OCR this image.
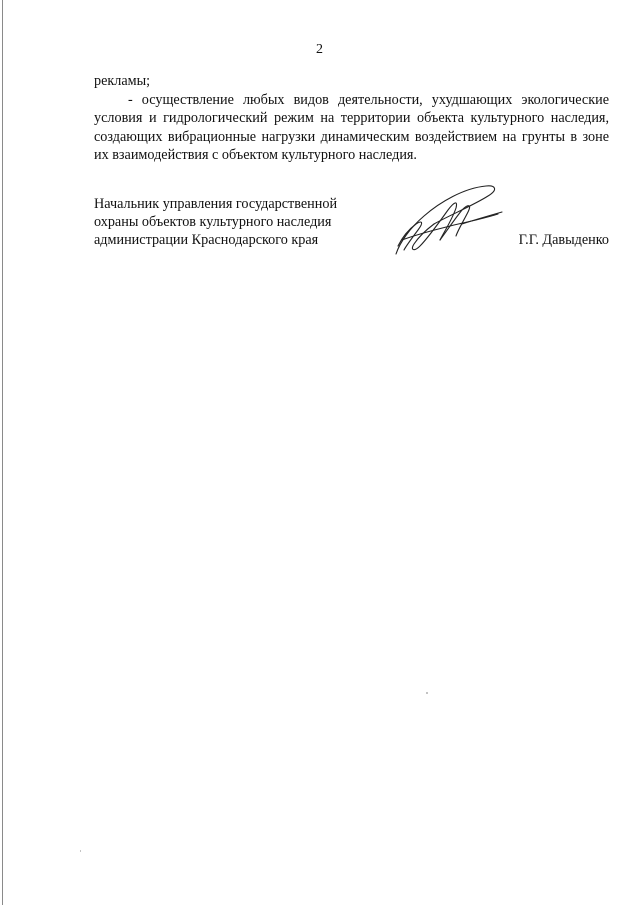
2

рекламы;

- осуществление любых видов деятельности, ухудшающих экологические условия и гидрологический режим на территории объекта культурного наследия, создающих вибрационные нагрузки динамическим воздействием на грунты в зоне их взаимодействия с объектом культурного наследия.

Начальник управления государственной
охраны объектов культурного наследия
администрации Краснодарского края	Г.Г. Давыденко
